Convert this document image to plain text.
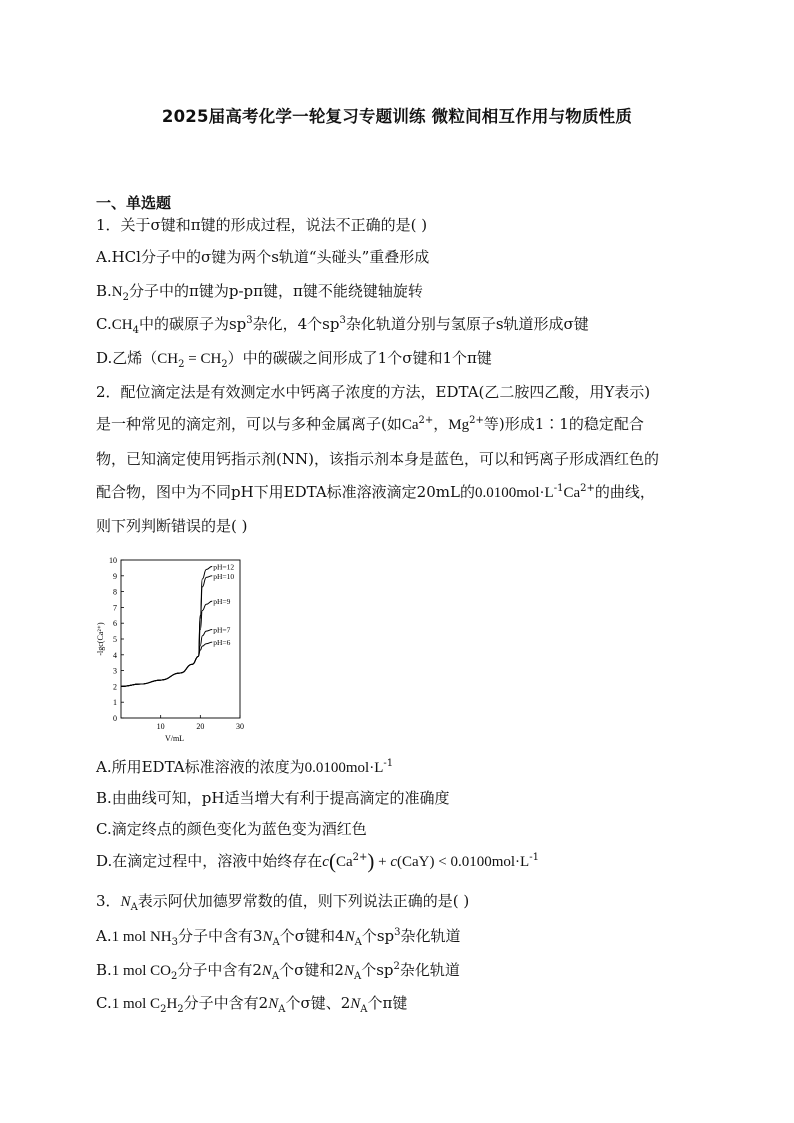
2025届高考化学一轮复习专题训练 微粒间相互作用与物质性质
一、单选题
1．关于σ键和π键的形成过程，说法不正确的是( )
A.HCl分子中的σ键为两个s轨道“头碰头”重叠形成
$B.N_2$分子中的π键为p-pπ键，π键不能绕键轴旋转
$C.CH_4$中的碳原子为$sp^3$杂化，4个$sp^3$杂化轨道分别与氢原子s轨道形成σ键
D.乙烯$(CH_2 = CH_2)$中的碳碳之间形成了1个σ键和1个π键
2．配位滴定法是有效测定水中钙离子浓度的方法，EDTA(乙二胺四乙酸，用Y表示)
是一种常见的滴定剂，可以与多种金属离子(如$Ca^{2+}$，$Mg^{2+}$等)形成1∶1的稳定配合
物，已知滴定使用钙指示剂(NN)，该指示剂本身是蓝色，可以和钙离子形成酒红色的
配合物，图中为不同pH下用EDTA标准溶液滴定20mL的$0.0100mol\cdot L^{-1}Ca^{2+}$的曲线，
则下列判断错误的是( )
0
1
2
3
4
5
6
7
8
9
10
10	20	30
V/mL
-lgc(Ca²⁺)
pH=12
pH=10
pH=9
pH=7
pH=6
A.所用EDTA标准溶液的浓度为$0.0100mol\cdot L^{-1}$
B.由曲线可知，pH适当增大有利于提高滴定的准确度
C.滴定终点的颜色变化为蓝色变为酒红色
D.在滴定过程中，溶液中始终存在$c(Ca^{2+}) + c(CaY) < 0.0100mol\cdot L^{-1}$
3．$N_A$表示阿伏加德罗常数的值，则下列说法正确的是( )
A.1 mol $NH_3$分子中含有$3N_A$个σ键和$4N_A$个$sp^3$杂化轨道
B.1 mol $CO_2$分子中含有$2N_A$个σ键和$2N_A$个$sp^2$杂化轨道
C.1 mol $C_2H_2$分子中含有$2N_A$个σ键、$2N_A$个π键
